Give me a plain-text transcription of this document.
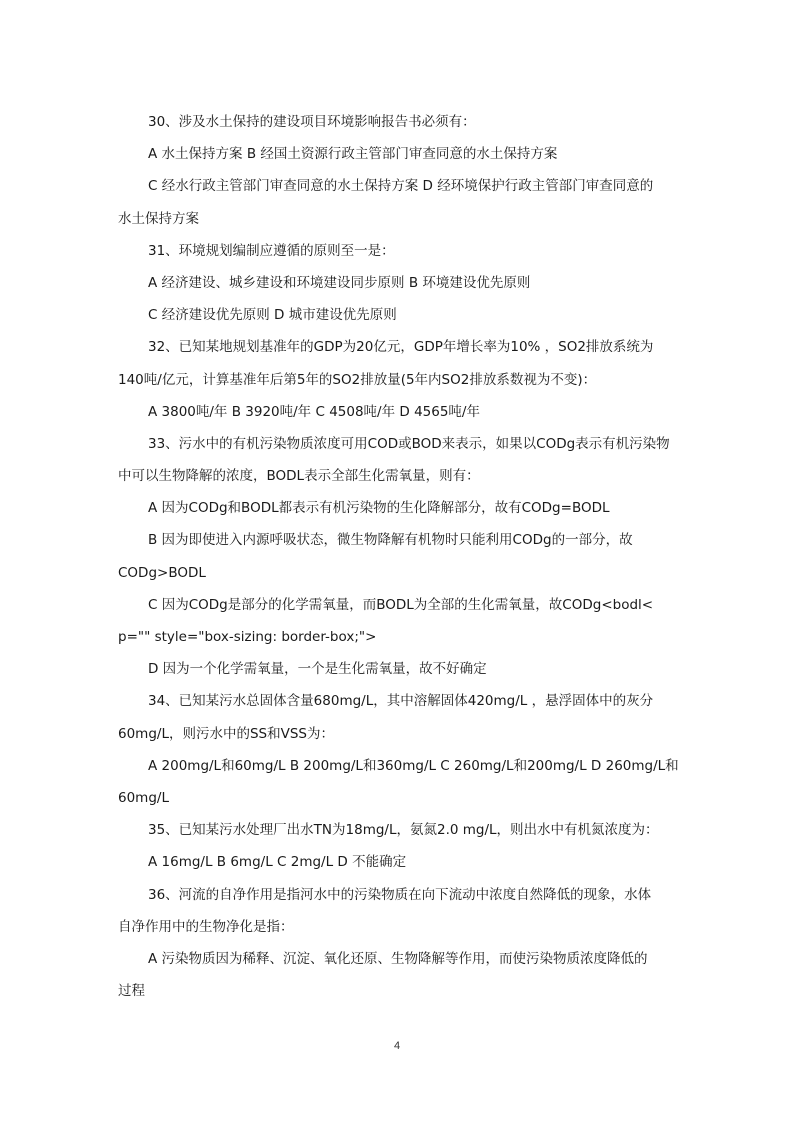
30、涉及水土保持的建设项目环境影响报告书必须有：
A 水土保持方案 B 经国土资源行政主管部门审查同意的水土保持方案
C 经水行政主管部门审查同意的水土保持方案 D 经环境保护行政主管部门审查同意的
水土保持方案
31、环境规划编制应遵循的原则至一是：
A 经济建设、城乡建设和环境建设同步原则 B 环境建设优先原则
C 经济建设优先原则 D 城市建设优先原则
32、已知某地规划基准年的GDP为20亿元，GDP年增长率为10% ，SO2排放系统为
140吨/亿元，计算基准年后第5年的SO2排放量(5年内SO2排放系数视为不变)：
A 3800吨/年 B 3920吨/年 C 4508吨/年 D 4565吨/年
33、污水中的有机污染物质浓度可用COD或BOD来表示，如果以CODg表示有机污染物
中可以生物降解的浓度，BODL表示全部生化需氧量，则有：
A 因为CODg和BODL都表示有机污染物的生化降解部分，故有CODg=BODL
B 因为即使进入内源呼吸状态，微生物降解有机物时只能利用CODg的一部分，故
CODg>BODL
C 因为CODg是部分的化学需氧量，而BODL为全部的生化需氧量，故CODg<bodl<
p="" style="box-sizing: border-box;">
D 因为一个化学需氧量，一个是生化需氧量，故不好确定
34、已知某污水总固体含量680mg/L，其中溶解固体420mg/L ，悬浮固体中的灰分
60mg/L，则污水中的SS和VSS为：
A 200mg/L和60mg/L B 200mg/L和360mg/L C 260mg/L和200mg/L D 260mg/L和
60mg/L
35、已知某污水处理厂出水TN为18mg/L，氨氮2.0 mg/L，则出水中有机氮浓度为：
A 16mg/L B 6mg/L C 2mg/L D 不能确定
36、河流的自净作用是指河水中的污染物质在向下流动中浓度自然降低的现象，水体
自净作用中的生物净化是指：
A 污染物质因为稀释、沉淀、氧化还原、生物降解等作用，而使污染物质浓度降低的
过程
4
